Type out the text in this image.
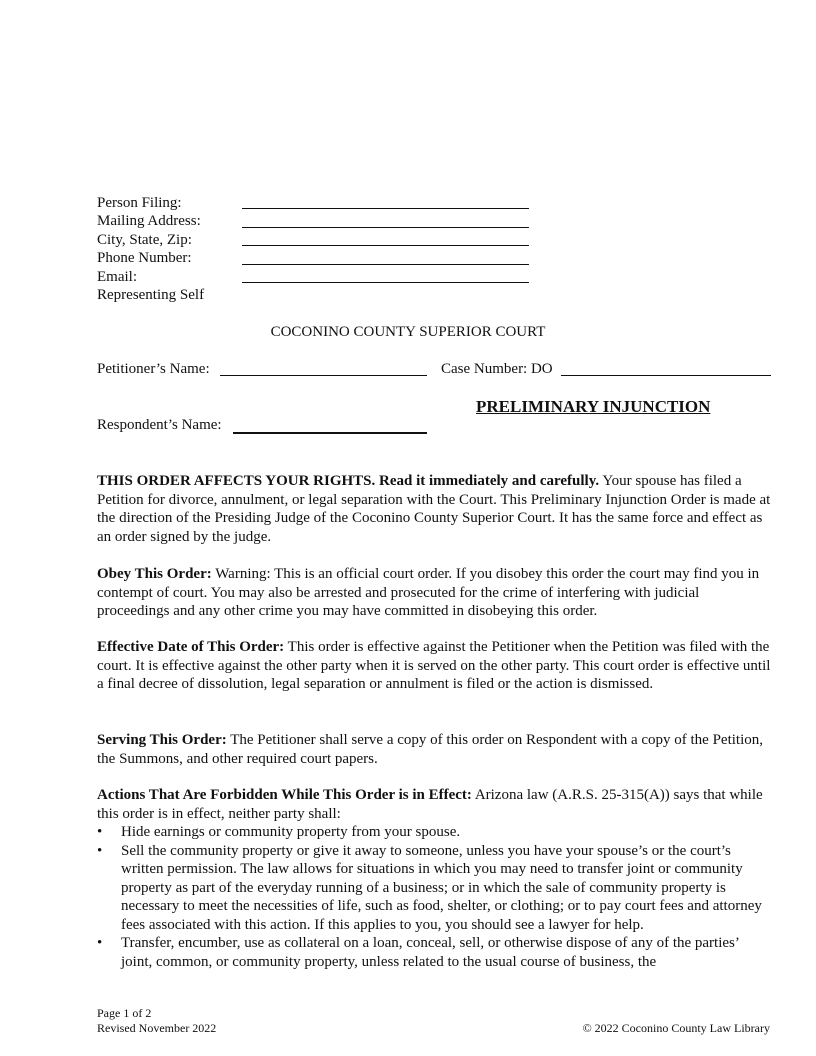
Person Filing:
Mailing Address:
City, State, Zip:
Phone Number:
Email:
Representing Self
COCONINO COUNTY SUPERIOR COURT
Petitioner’s Name:	Case Number: DO
PRELIMINARY INJUNCTION
Respondent’s Name:
THIS ORDER AFFECTS YOUR RIGHTS. Read it immediately and carefully. Your spouse has filed a Petition for divorce, annulment, or legal separation with the Court. This Preliminary Injunction Order is made at the direction of the Presiding Judge of the Coconino County Superior Court. It has the same force and effect as an order signed by the judge.
Obey This Order: Warning: This is an official court order. If you disobey this order the court may find you in contempt of court. You may also be arrested and prosecuted for the crime of interfering with judicial proceedings and any other crime you may have committed in disobeying this order.
Effective Date of This Order: This order is effective against the Petitioner when the Petition was filed with the court. It is effective against the other party when it is served on the other party. This court order is effective until a final decree of dissolution, legal separation or annulment is filed or the action is dismissed.
Serving This Order: The Petitioner shall serve a copy of this order on Respondent with a copy of the Petition, the Summons, and other required court papers.
Actions That Are Forbidden While This Order is in Effect: Arizona law (A.R.S. 25-315(A)) says that while this order is in effect, neither party shall:
• Hide earnings or community property from your spouse.
• Sell the community property or give it away to someone, unless you have your spouse’s or the court’s written permission. The law allows for situations in which you may need to transfer joint or community property as part of the everyday running of a business; or in which the sale of community property is necessary to meet the necessities of life, such as food, shelter, or clothing; or to pay court fees and attorney fees associated with this action. If this applies to you, you should see a lawyer for help.
• Transfer, encumber, use as collateral on a loan, conceal, sell, or otherwise dispose of any of the parties’ joint, common, or community property, unless related to the usual course of business, the
Page 1 of 2
Revised November 2022	© 2022 Coconino County Law Library
